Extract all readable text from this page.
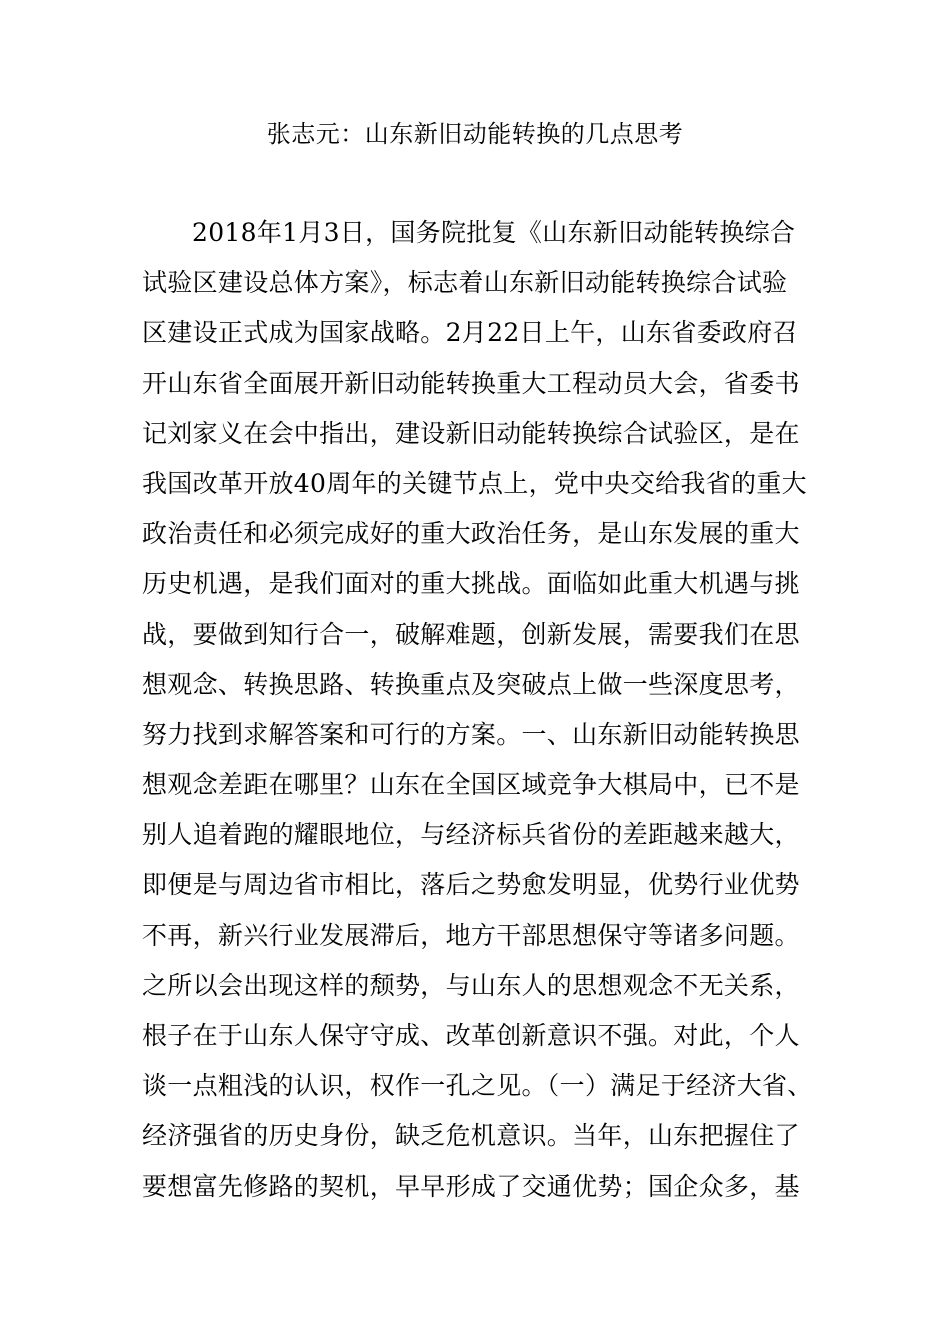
张志元：山东新旧动能转换的几点思考
2018年1月3日，国务院批复《山东新旧动能转换综合
试验区建设总体方案》，标志着山东新旧动能转换综合试验
区建设正式成为国家战略。2月22日上午，山东省委政府召
开山东省全面展开新旧动能转换重大工程动员大会，省委书
记刘家义在会中指出，建设新旧动能转换综合试验区，是在
我国改革开放40周年的关键节点上，党中央交给我省的重大
政治责任和必须完成好的重大政治任务，是山东发展的重大
历史机遇，是我们面对的重大挑战。面临如此重大机遇与挑
战，要做到知行合一，破解难题，创新发展，需要我们在思
想观念、转换思路、转换重点及突破点上做一些深度思考，
努力找到求解答案和可行的方案。一、山东新旧动能转换思
想观念差距在哪里？山东在全国区域竞争大棋局中，已不是
别人追着跑的耀眼地位，与经济标兵省份的差距越来越大，
即便是与周边省市相比，落后之势愈发明显，优势行业优势
不再，新兴行业发展滞后，地方干部思想保守等诸多问题。
之所以会出现这样的颓势，与山东人的思想观念不无关系，
根子在于山东人保守守成、改革创新意识不强。对此，个人
谈一点粗浅的认识，权作一孔之见。（一）满足于经济大省、
经济强省的历史身份，缺乏危机意识。当年，山东把握住了
要想富先修路的契机，早早形成了交通优势；国企众多，基
